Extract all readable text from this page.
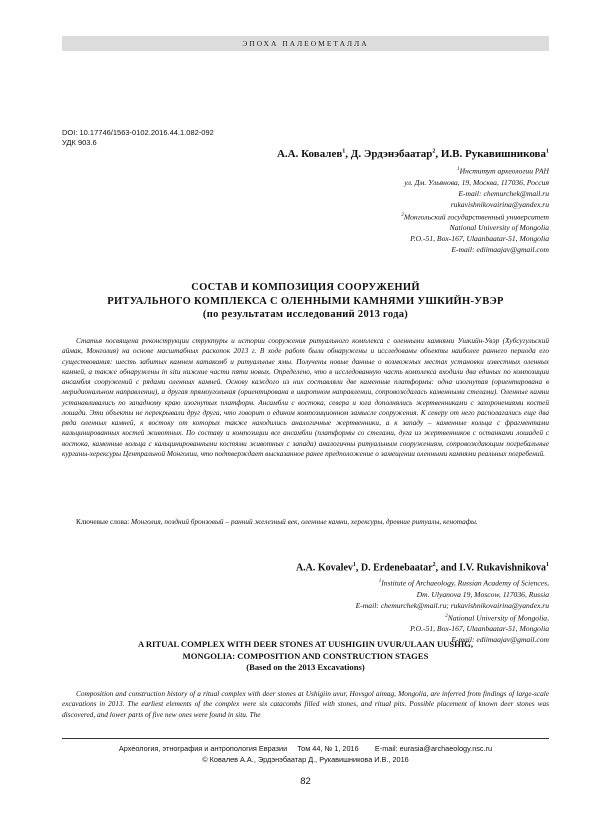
ЭПОХА ПАЛЕОМЕТАЛЛА
DOI: 10.17746/1563-0102.2016.44.1.082-092
УДК 903.6
А.А. Ковалев$^1$, Д. Эрдэнэбаатар$^2$, И.В. Рукавишникова$^1$
$^1$Институт археологии РАН
ул. Дм. Ульянова, 19, Москва, 117036, Россия
E-mail: chemurchek@mail.ru
rukavishnikovairina@yandex.ru
$^2$Монгольский государственный университет
National University of Mongolia
P.O.-51, Box-167, Ulaanbaatar-51, Mongolia
E-mail: ediimaajav@gmail.com
СОСТАВ И КОМПОЗИЦИЯ СООРУЖЕНИЙ
РИТУАЛЬНОГО КОМПЛЕКСА С ОЛЕННЫМИ КАМНЯМИ УШКИЙН-УВЭР
(по результатам исследований 2013 года)

Статья посвящена реконструкции структуры и истории сооружения ритуального комплекса с оленными камнями Ушкийн-Увэр (Хубсугульский аймак, Монголия) на основе масштабных раскопок 2013 г. В ходе работ были обнаружены и исследованы объекты наиболее раннего периода его существования: шесть забитых камнем катакомб и ритуальные ямы. Получены новые данные о возможных местах установки известных оленных камней, а также обнаружены in situ нижние части пяти новых. Определено, что в исследованную часть комплекса входили два единых по композиции ансамбля сооружений с рядами оленных камней. Основу каждого из них составляли две каменные платформы: одна изогнутая (ориентирована в меридиональном направлении), а другая прямоугольная (ориентирована в широтном направлении, сопровождалась каменными стелами). Оленные камни устанавливались по западному краю изогнутых платформ. Ансамбли с востока, севера и юга дополнялись жертвенниками с захоронениями костей лошади. Эти объекты не перекрывали друг друга, что говорит о едином композиционном замысле сооружения. К северу от него располагались еще два ряда оленных камней, к востоку от которых также находились аналогичные жертвенники, а к западу – каменные кольца с фрагментами кальцинированных костей животных. По составу и композиции все ансамбли (платформы со стелами, дуга из жертвенников с останками лошадей с востока, каменные кольца с кальцинированными костями животных с запада) аналогичны ритуальным сооружениям, сопровождающим погребальные курганы-херексуры Центральной Монголии, что подтверждает высказанное ранее предположение о замещении оленными камнями реальных погребений.

Ключевые слова: Монголия, поздний бронзовый – ранний железный век, оленные камни, херексуры, древние ритуалы, кенотафы.

A.A. Kovalev$^1$, D. Erdenebaatar$^2$, and I.V. Rukavishnikova$^1$
$^1$Institute of Archaeology, Russian Academy of Sciences,
Dm. Ulyanova 19, Moscow, 117036, Russia
E-mail: chemurchek@mail.ru; rukavishnikovairina@yandex.ru
$^2$National University of Mongolia,
P.O.-51, Box-167, Ulaanbaatar-51, Mongolia
E-mail: ediimaajav@gmail.com
A RITUAL COMPLEX WITH DEER STONES AT UUSHIGIIN UVUR/ULAAN UUSHIG,
MONGOLIA: COMPOSITION AND CONSTRUCTION STAGES
(Based on the 2013 Excavations)

Composition and construction history of a ritual complex with deer stones at Ushigiin uvur, Hovsgol aimag, Mongolia, are inferred from findings of large-scale excavations in 2013. The earliest elements of the complex were six catacombs filled with stones, and ritual pits. Possible placement of known deer stones was discovered, and lower parts of five new ones were found in situ. The

Археология, этнография и антропология Евразии Том 44, № 1, 2016 E-mail: eurasia@archaeology.nsc.ru
© Ковалев А.А., Эрдэнэбаатар Д., Рукавишникова И.В., 2016
82
